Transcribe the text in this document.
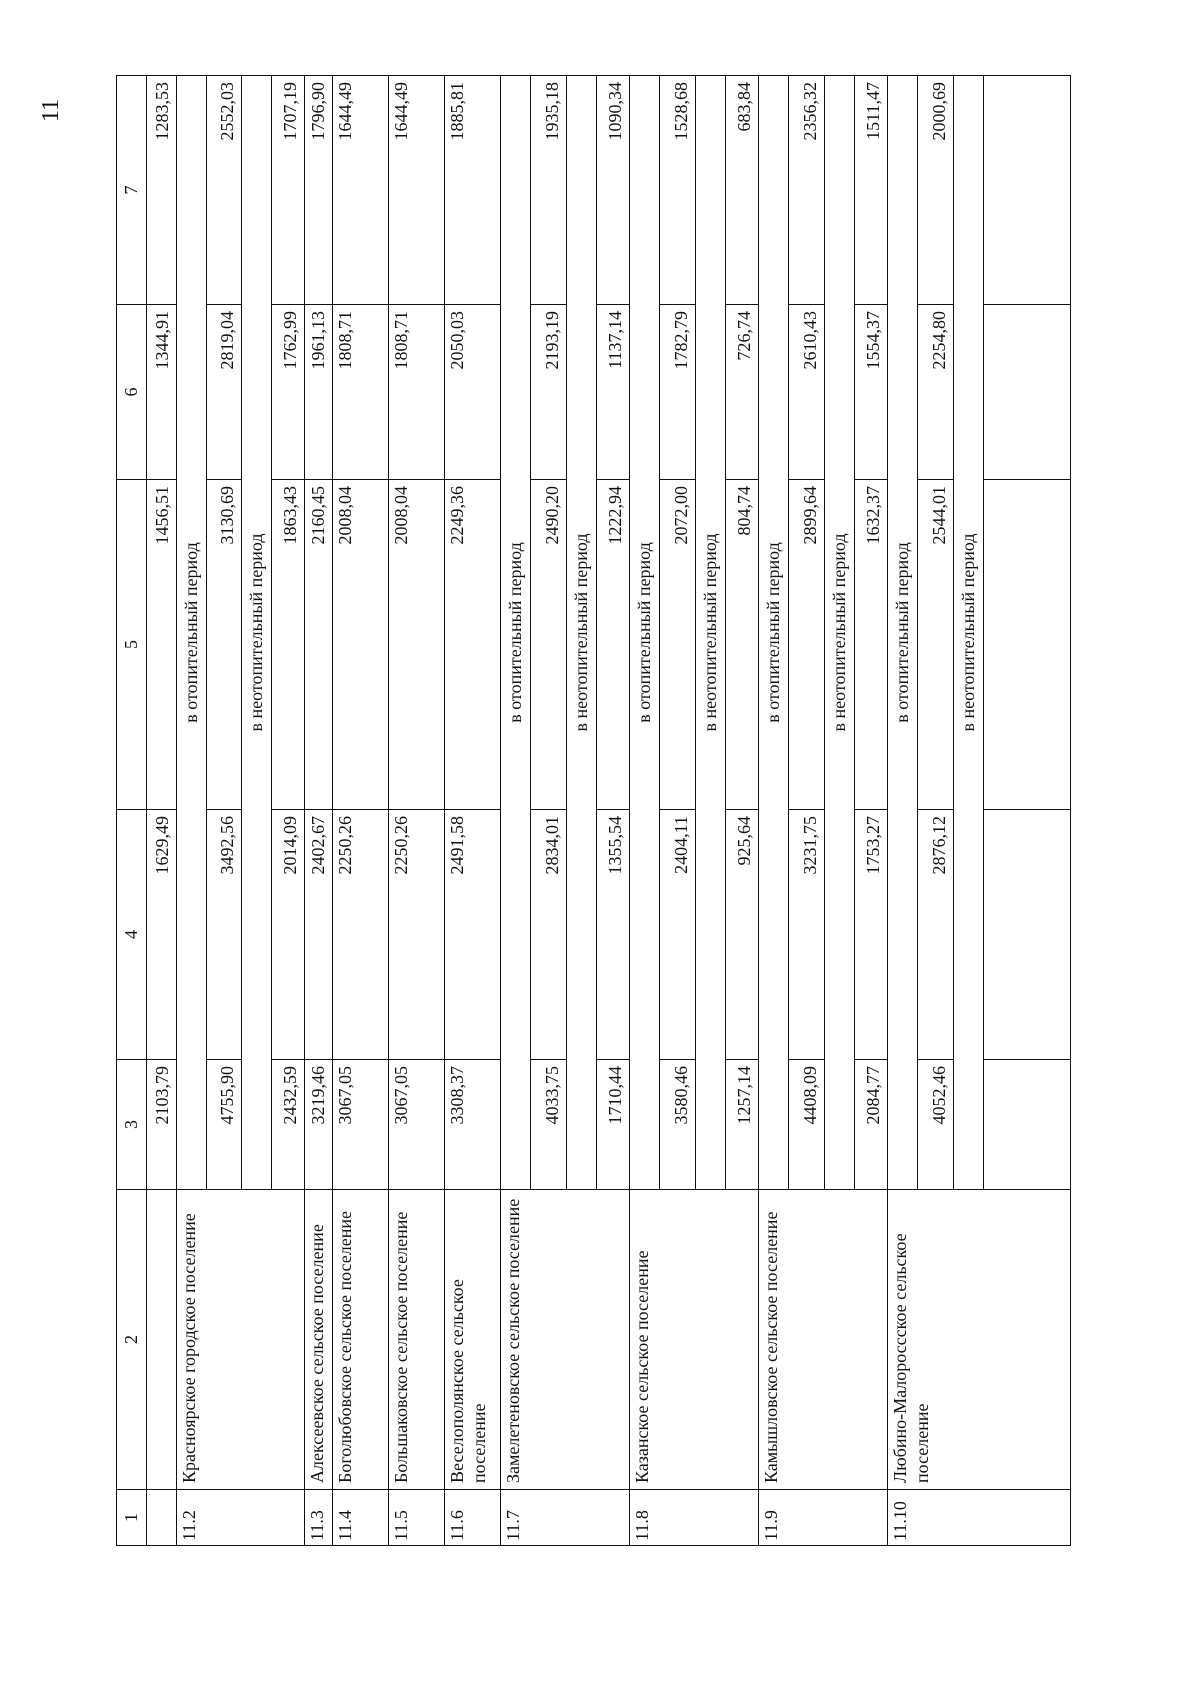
11
1	2	3	4	5	6	7
		2103,79	1629,49	1456,51	1344,91	1283,53
11.2	Красноярское городское поселение	в отопительный период				
		4755,90	3492,56	3130,69	2819,04	2552,03
		в неотопительный период				
		2432,59	2014,09	1863,43	1762,99	1707,19
11.3	Алексеевское сельское поселение	3219,46	2402,67	2160,45	1961,13	1796,90
11.4	Боголюбовское сельское поселение	3067,05	2250,26	2008,04	1808,71	1644,49
11.5	Большаковское сельское поселение	3067,05	2250,26	2008,04	1808,71	1644,49
11.6	Веселополянское сельское поселение	3308,37	2491,58	2249,36	2050,03	1885,81
11.7	Замелетеновское сельское поселение	в отопительный период				
		4033,75	2834,01	2490,20	2193,19	1935,18
		в неотопительный период				
		1710,44	1355,54	1222,94	1137,14	1090,34
11.8	Казанское сельское поселение	в отопительный период				
		3580,46	2404,11	2072,00	1782,79	1528,68
		в неотопительный период				
		1257,14	925,64	804,74	726,74	683,84
11.9	Камышловское сельское поселение	в отопительный период				
		4408,09	3231,75	2899,64	2610,43	2356,32
		в неотопительный период				
		2084,77	1753,27	1632,37	1554,37	1511,47
11.10	Любино-Малороссское сельское поселение	в отопительный период				
		4052,46	2876,12	2544,01	2254,80	2000,69
		в неотопительный период				
